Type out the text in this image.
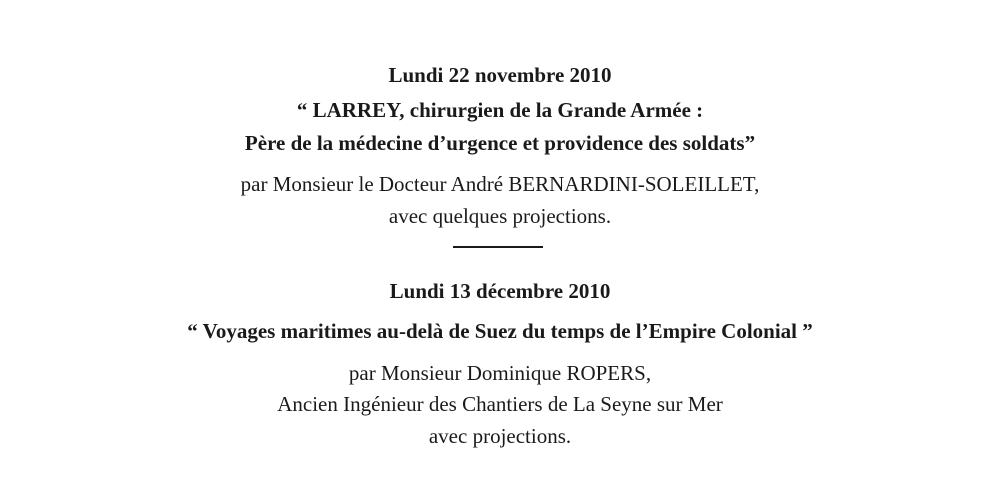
Lundi 22 novembre 2010
“ LARREY, chirurgien de la Grande Armée :
Père de la médecine d’urgence et providence des soldats”
par Monsieur le Docteur André BERNARDINI-SOLEILLET,
avec quelques projections.
Lundi 13 décembre 2010
“ Voyages maritimes au-delà de Suez du temps de l’Empire Colonial ”
par Monsieur Dominique ROPERS,
Ancien Ingénieur des Chantiers de La Seyne sur Mer
avec projections.
